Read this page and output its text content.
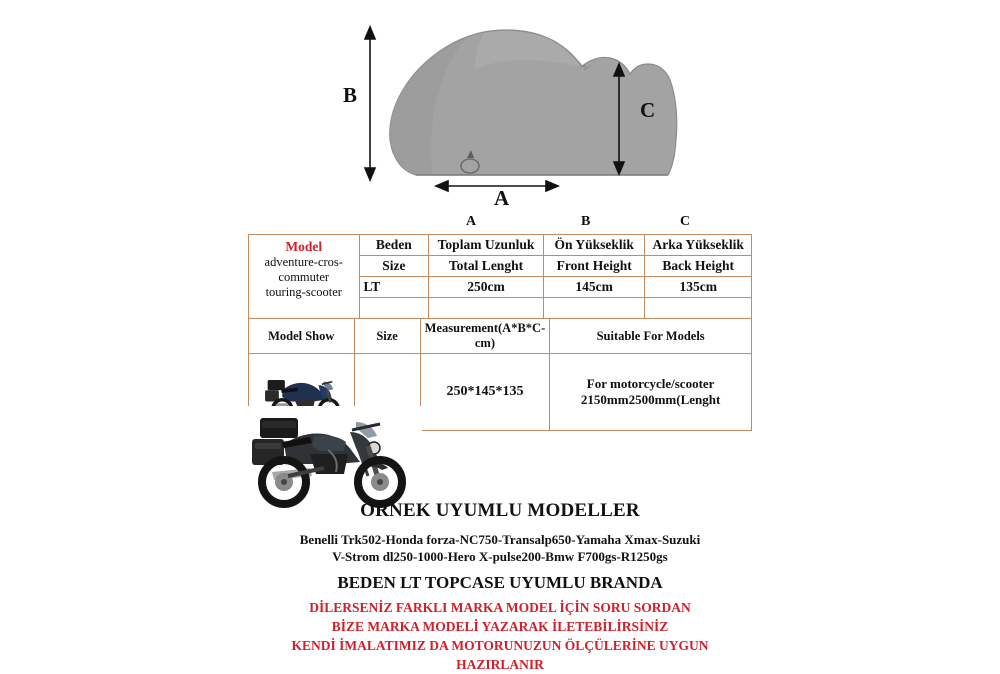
B
C
A
A	B	C
Model
adventure-cros-
commuter
touring-scooter	Beden	Toplam Uzunluk	Ön Yükseklik	Arka Yükseklik
	Size	Total Lenght	Front Height	Back Height
	LT	250cm	145cm	135cm

Model Show	Size	Measurement(A*B*C-cm)	Suitable For Models

		250*145*135	For motorcycle/scooter
2150mm2500mm(Lenght
ÖRNEK UYUMLU MODELLER
Benelli Trk502-Honda forza-NC750-Transalp650-Yamaha Xmax-Suzuki
V-Strom dl250-1000-Hero X-pulse200-Bmw F700gs-R1250gs
BEDEN LT TOPCASE UYUMLU BRANDA
DİLERSENİZ FARKLI MARKA MODEL İÇİN SORU SORDAN
BİZE MARKA MODELİ YAZARAK İLETEBİLİRSİNİZ
KENDİ İMALATIMIZ DA MOTORUNUZUN ÖLÇÜLERİNE UYGUN HAZIRLANIR
